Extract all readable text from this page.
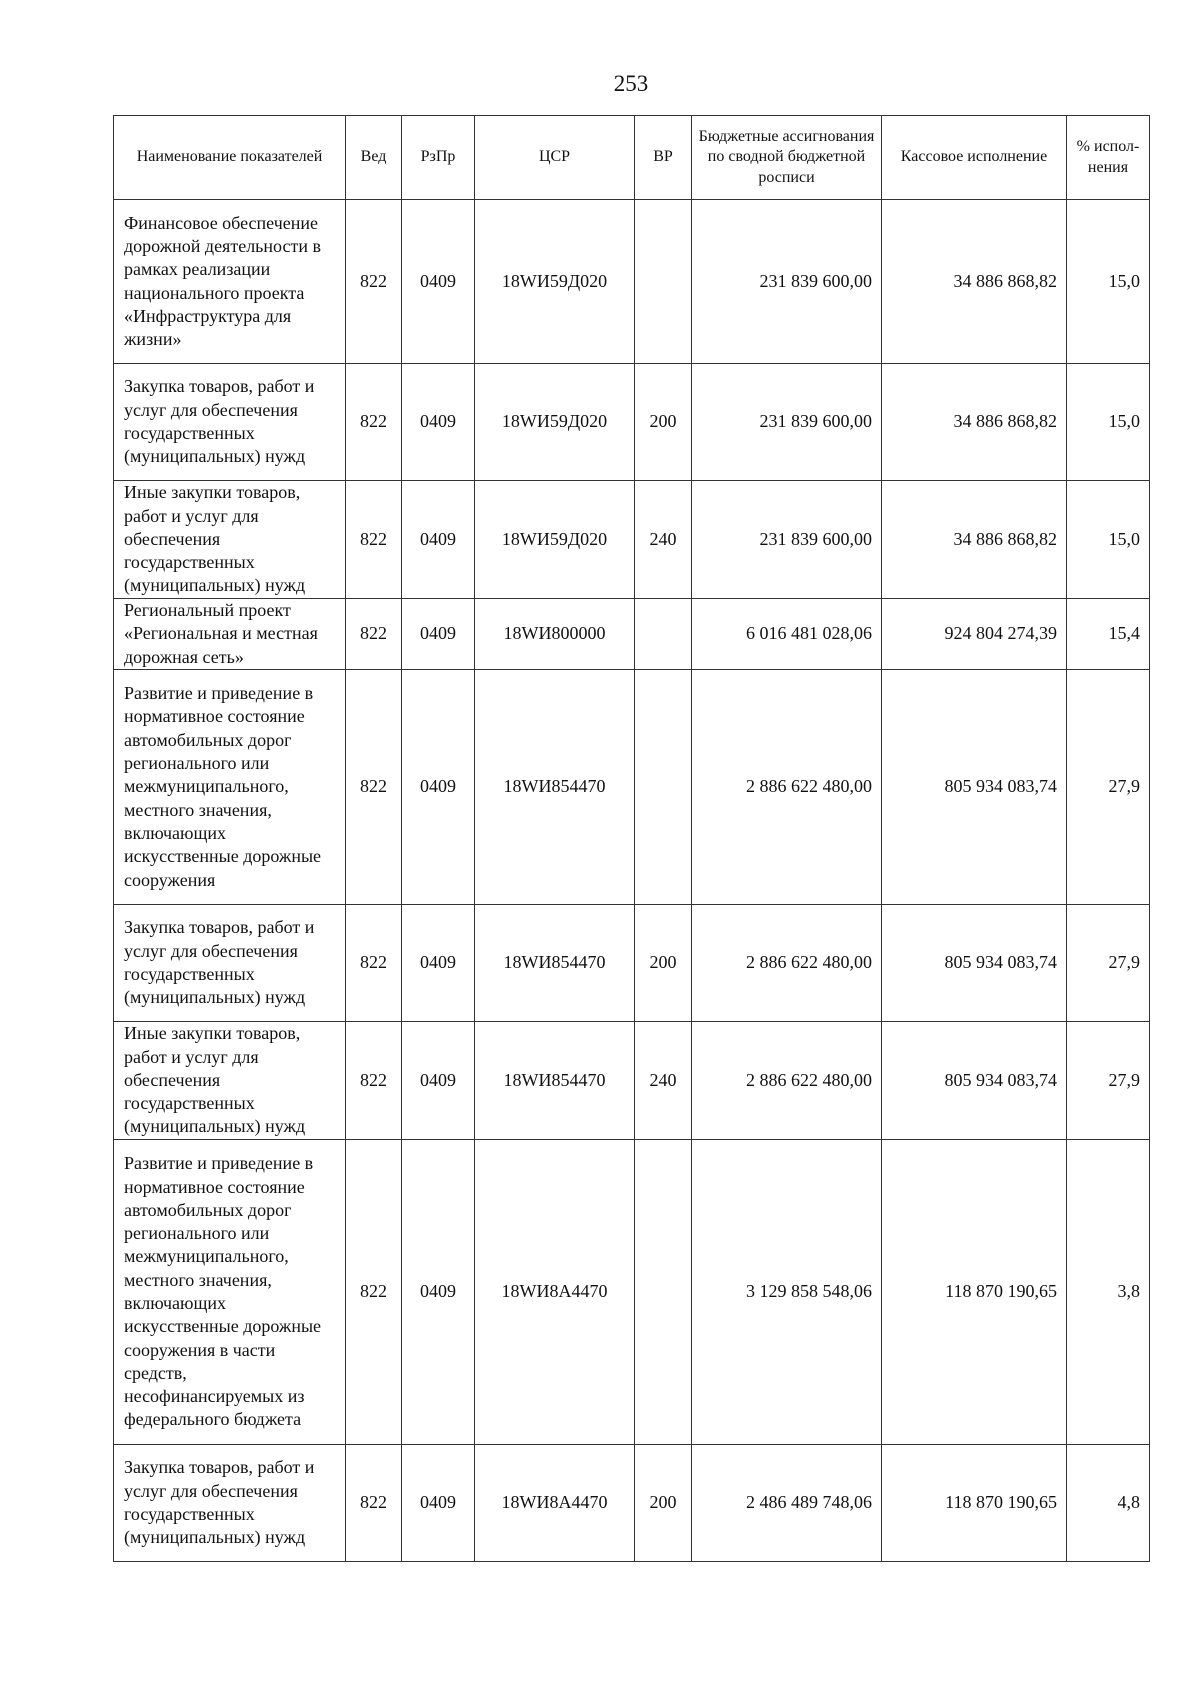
253
Наименование показателей	Вед	РзПр	ЦСР	ВР	Бюджетные ассигнования по сводной бюджетной росписи	Кассовое исполнение	% испол-нения

Финансовое обеспечение дорожной деятельности в рамках реализации национального проекта «Инфраструктура для жизни»	822	0409	18WИ59Д020		231 839 600,00	34 886 868,82	15,0
Закупка товаров, работ и услуг для обеспечения государственных (муниципальных) нужд	822	0409	18WИ59Д020	200	231 839 600,00	34 886 868,82	15,0
Иные закупки товаров, работ и услуг для обеспечения государственных (муниципальных) нужд	822	0409	18WИ59Д020	240	231 839 600,00	34 886 868,82	15,0
Региональный проект «Региональная и местная дорожная сеть»	822	0409	18WИ800000		6 016 481 028,06	924 804 274,39	15,4
Развитие и приведение в нормативное состояние автомобильных дорог регионального или межмуниципального, местного значения, включающих искусственные дорожные сооружения	822	0409	18WИ854470		2 886 622 480,00	805 934 083,74	27,9
Закупка товаров, работ и услуг для обеспечения государственных (муниципальных) нужд	822	0409	18WИ854470	200	2 886 622 480,00	805 934 083,74	27,9
Иные закупки товаров, работ и услуг для обеспечения государственных (муниципальных) нужд	822	0409	18WИ854470	240	2 886 622 480,00	805 934 083,74	27,9
Развитие и приведение в нормативное состояние автомобильных дорог регионального или межмуниципального, местного значения, включающих искусственные дорожные сооружения в части средств, несофинансируемых из федерального бюджета	822	0409	18WИ8А4470		3 129 858 548,06	118 870 190,65	3,8
Закупка товаров, работ и услуг для обеспечения государственных (муниципальных) нужд	822	0409	18WИ8А4470	200	2 486 489 748,06	118 870 190,65	4,8
